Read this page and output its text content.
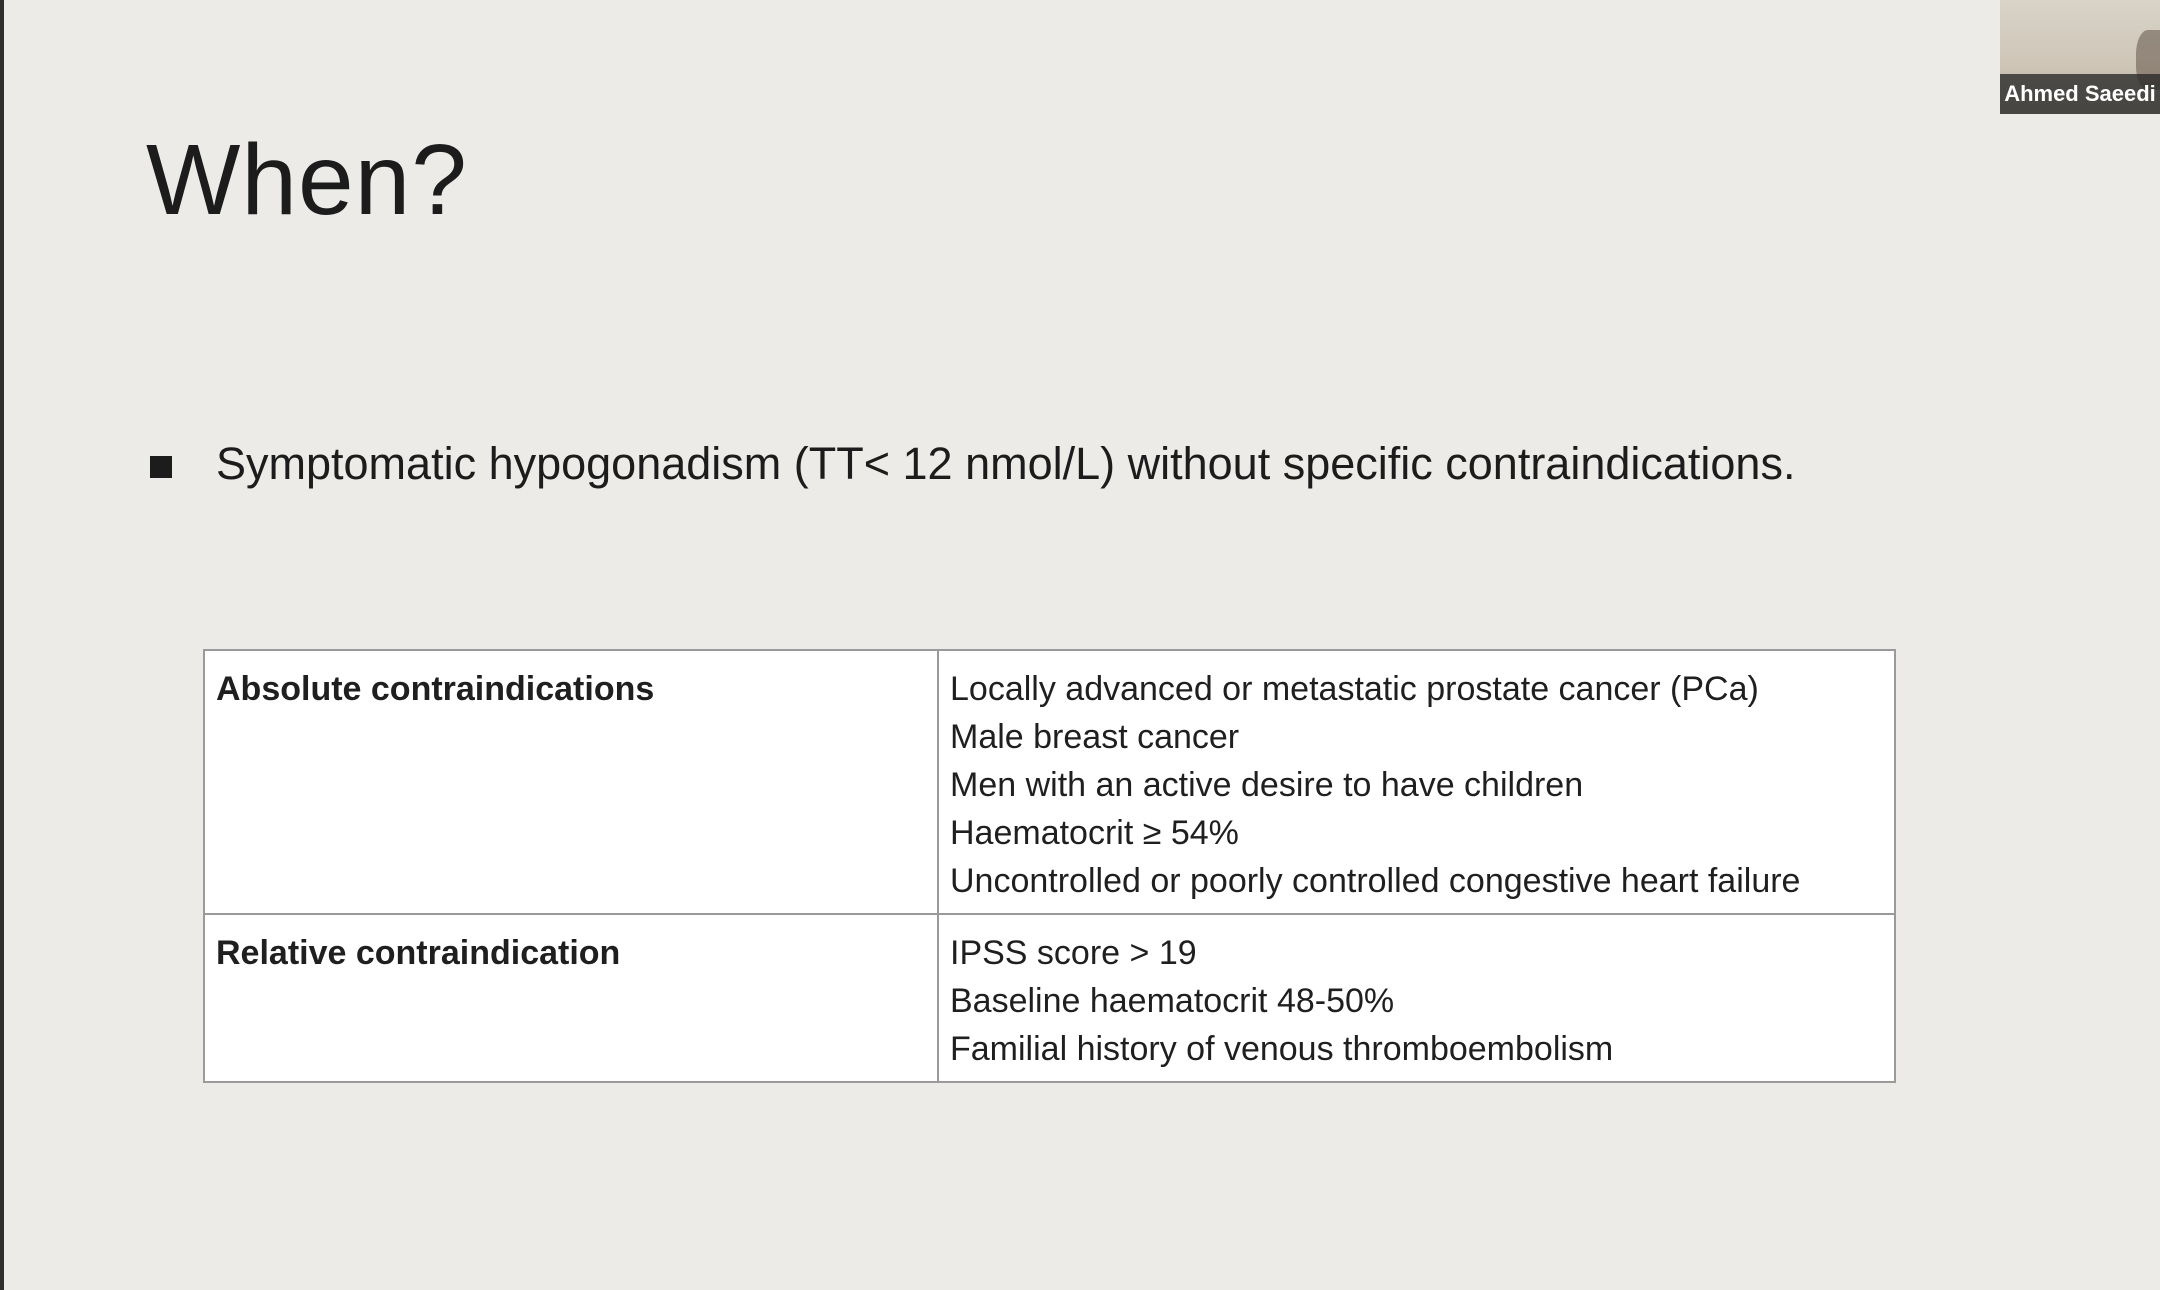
When?
Symptomatic hypogonadism (TT< 12 nmol/L) without specific contraindications.
Absolute contraindications	Locally advanced or metastatic prostate cancer (PCa)
Male breast cancer
Men with an active desire to have children
Haematocrit ≥ 54%
Uncontrolled or poorly controlled congestive heart failure

Relative contraindication	IPSS score > 19
Baseline haematocrit 48-50%
Familial history of venous thromboembolism
Ahmed Saeedi
